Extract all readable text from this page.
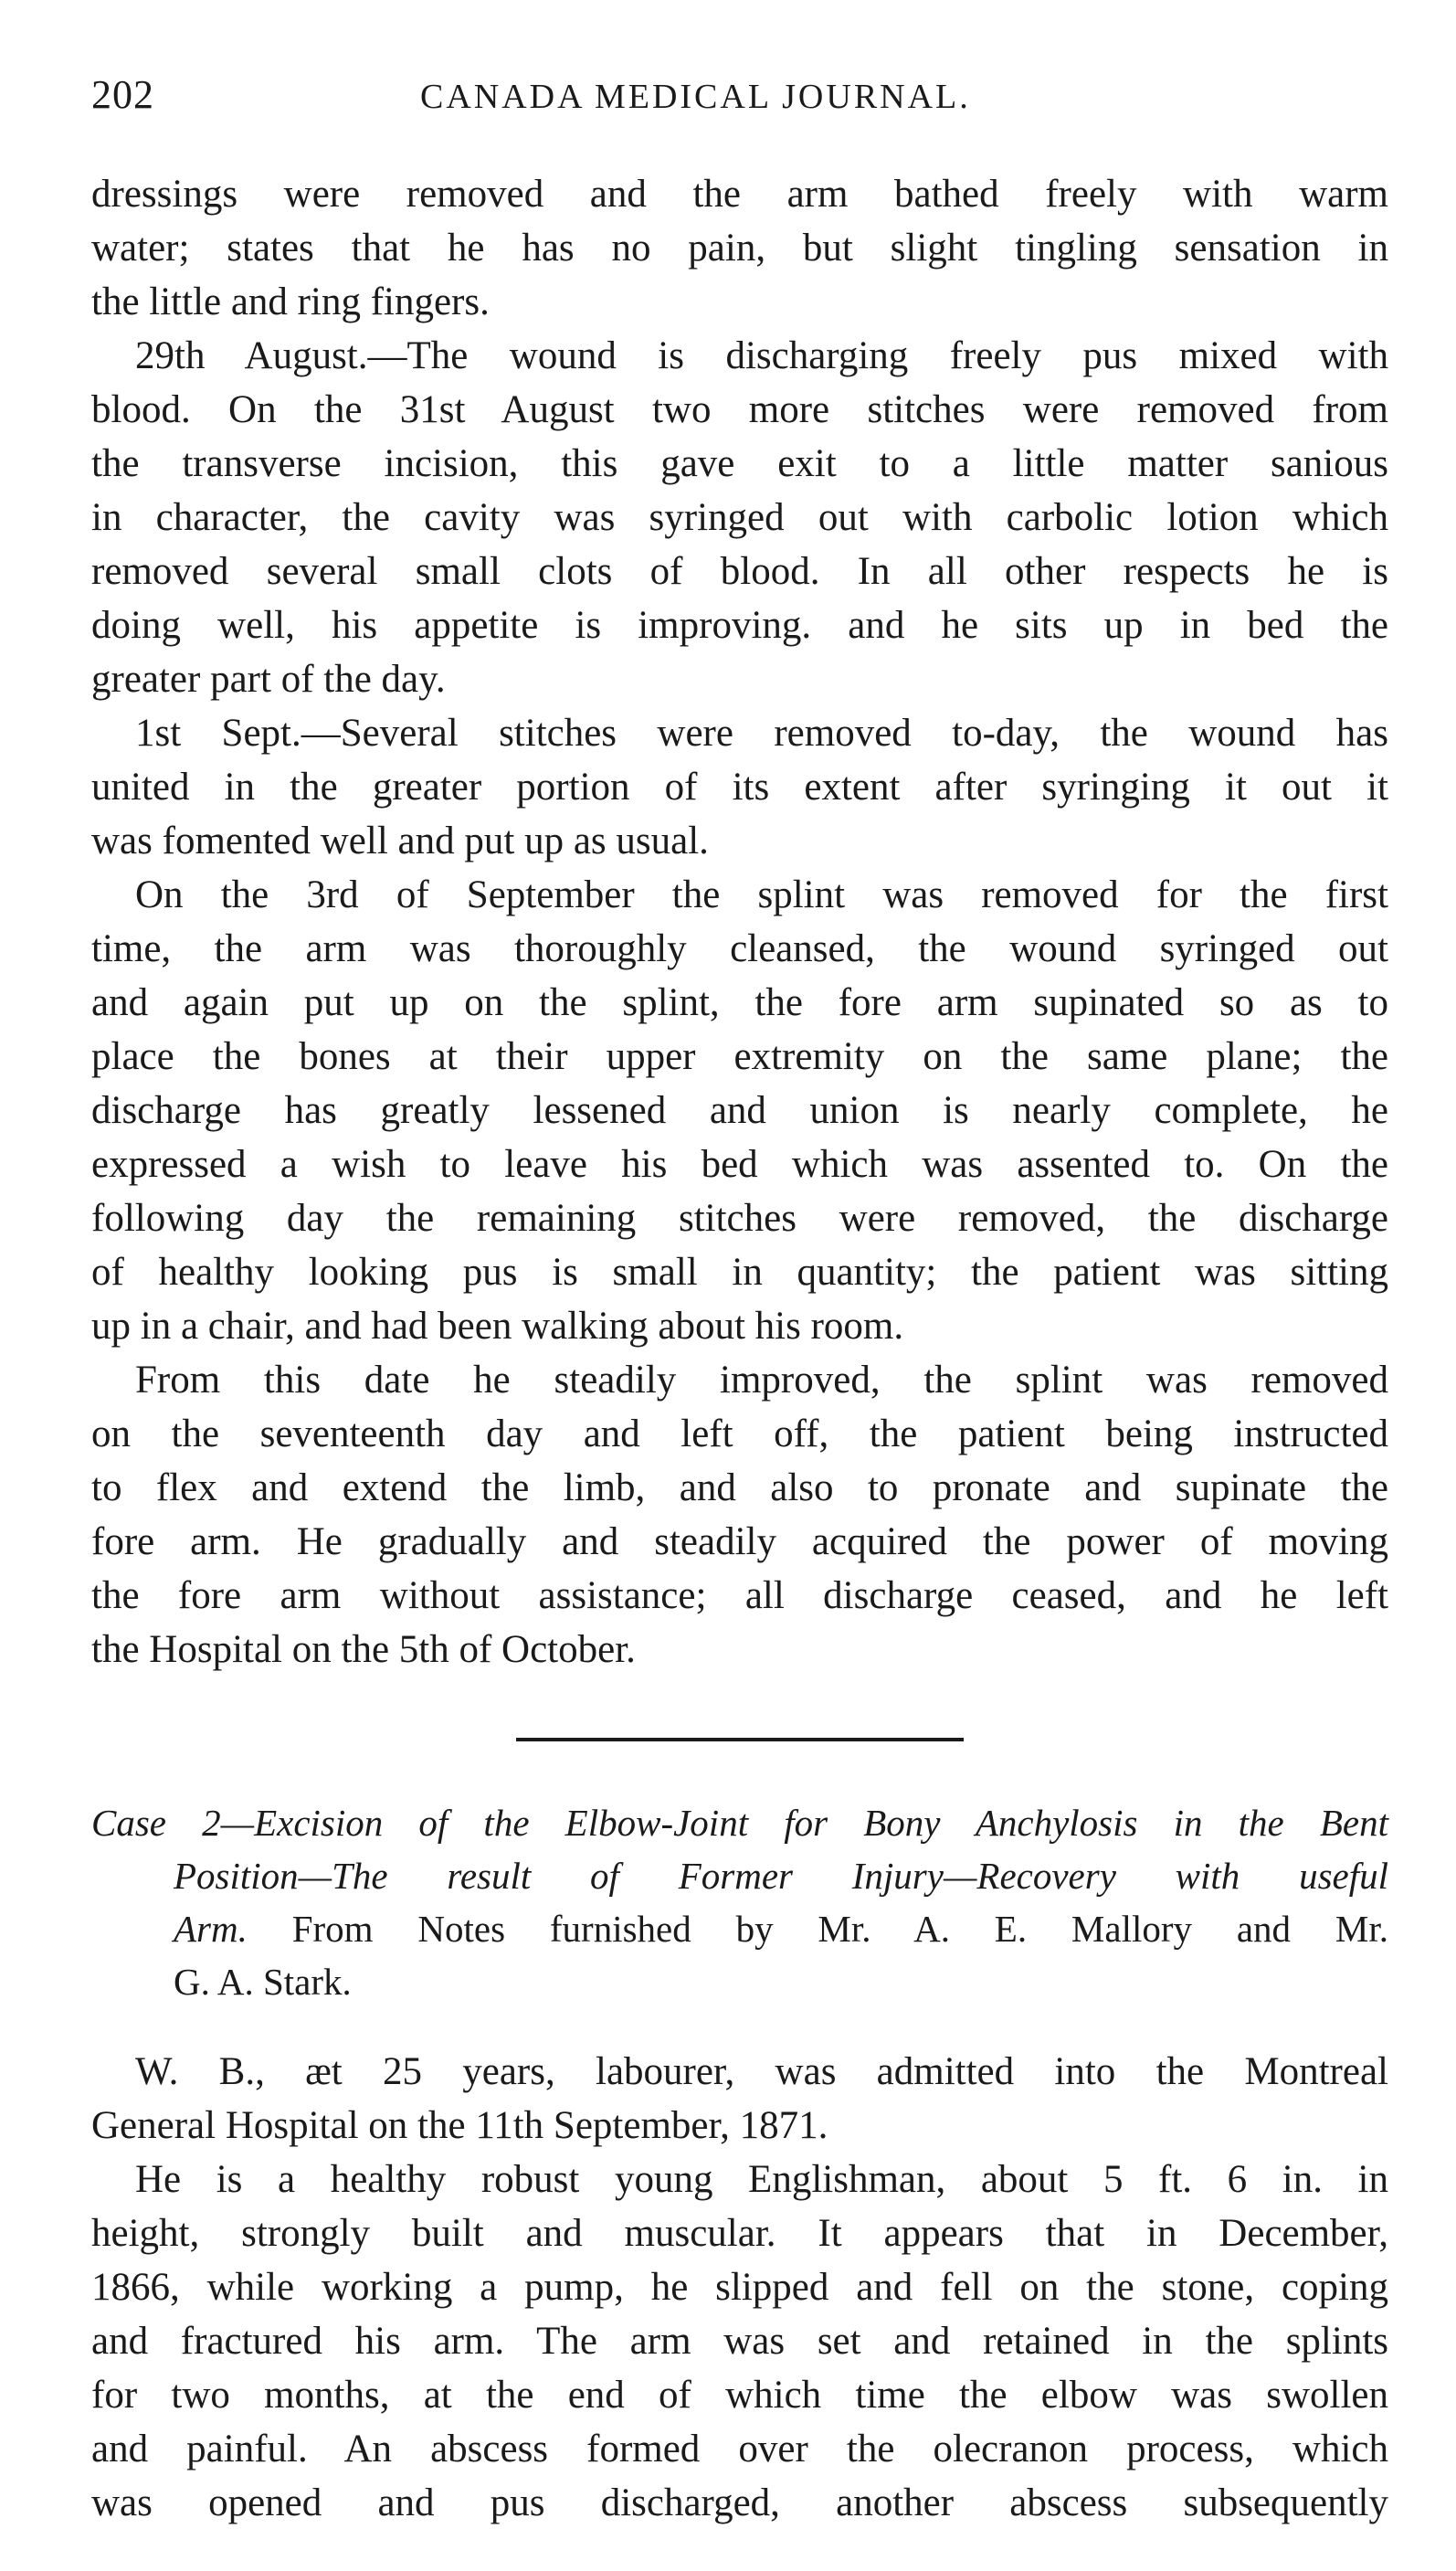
202	CANADA MEDICAL JOURNAL.
dressings were removed and the arm bathed freely with warm
water; states that he has no pain, but slight tingling sensation in
the little and ring fingers.
29th August.—The wound is discharging freely pus mixed with
blood. On the 31st August two more stitches were removed from
the transverse incision, this gave exit to a little matter sanious
in character, the cavity was syringed out with carbolic lotion which
removed several small clots of blood. In all other respects he is
doing well, his appetite is improving. and he sits up in bed the
greater part of the day.
1st Sept.—Several stitches were removed to-day, the wound has
united in the greater portion of its extent after syringing it out it
was fomented well and put up as usual.
On the 3rd of September the splint was removed for the first
time, the arm was thoroughly cleansed, the wound syringed out
and again put up on the splint, the fore arm supinated so as to
place the bones at their upper extremity on the same plane; the
discharge has greatly lessened and union is nearly complete, he
expressed a wish to leave his bed which was assented to. On the
following day the remaining stitches were removed, the discharge
of healthy looking pus is small in quantity; the patient was sitting
up in a chair, and had been walking about his room.
From this date he steadily improved, the splint was removed
on the seventeenth day and left off, the patient being instructed
to flex and extend the limb, and also to pronate and supinate the
fore arm. He gradually and steadily acquired the power of moving
the fore arm without assistance; all discharge ceased, and he left
the Hospital on the 5th of October.
Case 2—Excision of the Elbow-Joint for Bony Anchylosis in the Bent
Position—The result of Former Injury—Recovery with useful
Arm. From Notes furnished by Mr. A. E. Mallory and Mr.
G. A. Stark.
W. B., æt 25 years, labourer, was admitted into the Montreal
General Hospital on the 11th September, 1871.
He is a healthy robust young Englishman, about 5 ft. 6 in. in
height, strongly built and muscular. It appears that in December,
1866, while working a pump, he slipped and fell on the stone, coping
and fractured his arm. The arm was set and retained in the splints
for two months, at the end of which time the elbow was swollen
and painful. An abscess formed over the olecranon process, which
was opened and pus discharged, another abscess subsequently
